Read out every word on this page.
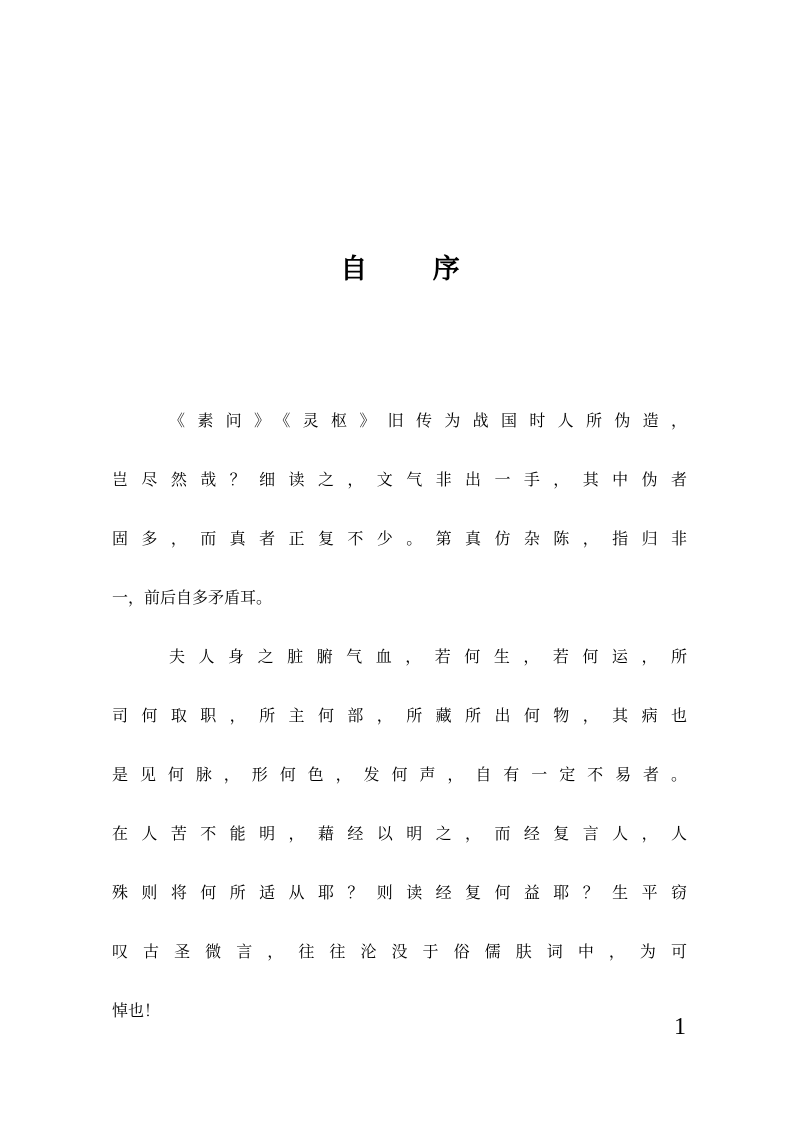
自 序
《素问》《灵枢》旧传为战国时人所伪造，
岂尽然哉？细读之，文气非出一手，其中伪者
固多，而真者正复不少。第真仿杂陈，指归非
一，前后自多矛盾耳。
夫人身之脏腑气血，若何生，若何运，所
司何取职，所主何部，所藏所出何物，其病也
是见何脉，形何色，发何声，自有一定不易者。
在人苦不能明，藉经以明之，而经复言人，人
殊则将何所适从耶？则读经复何益耶？生平窃
叹古圣微言，往往沦没于俗儒肤词中，为可
悼也！
1
